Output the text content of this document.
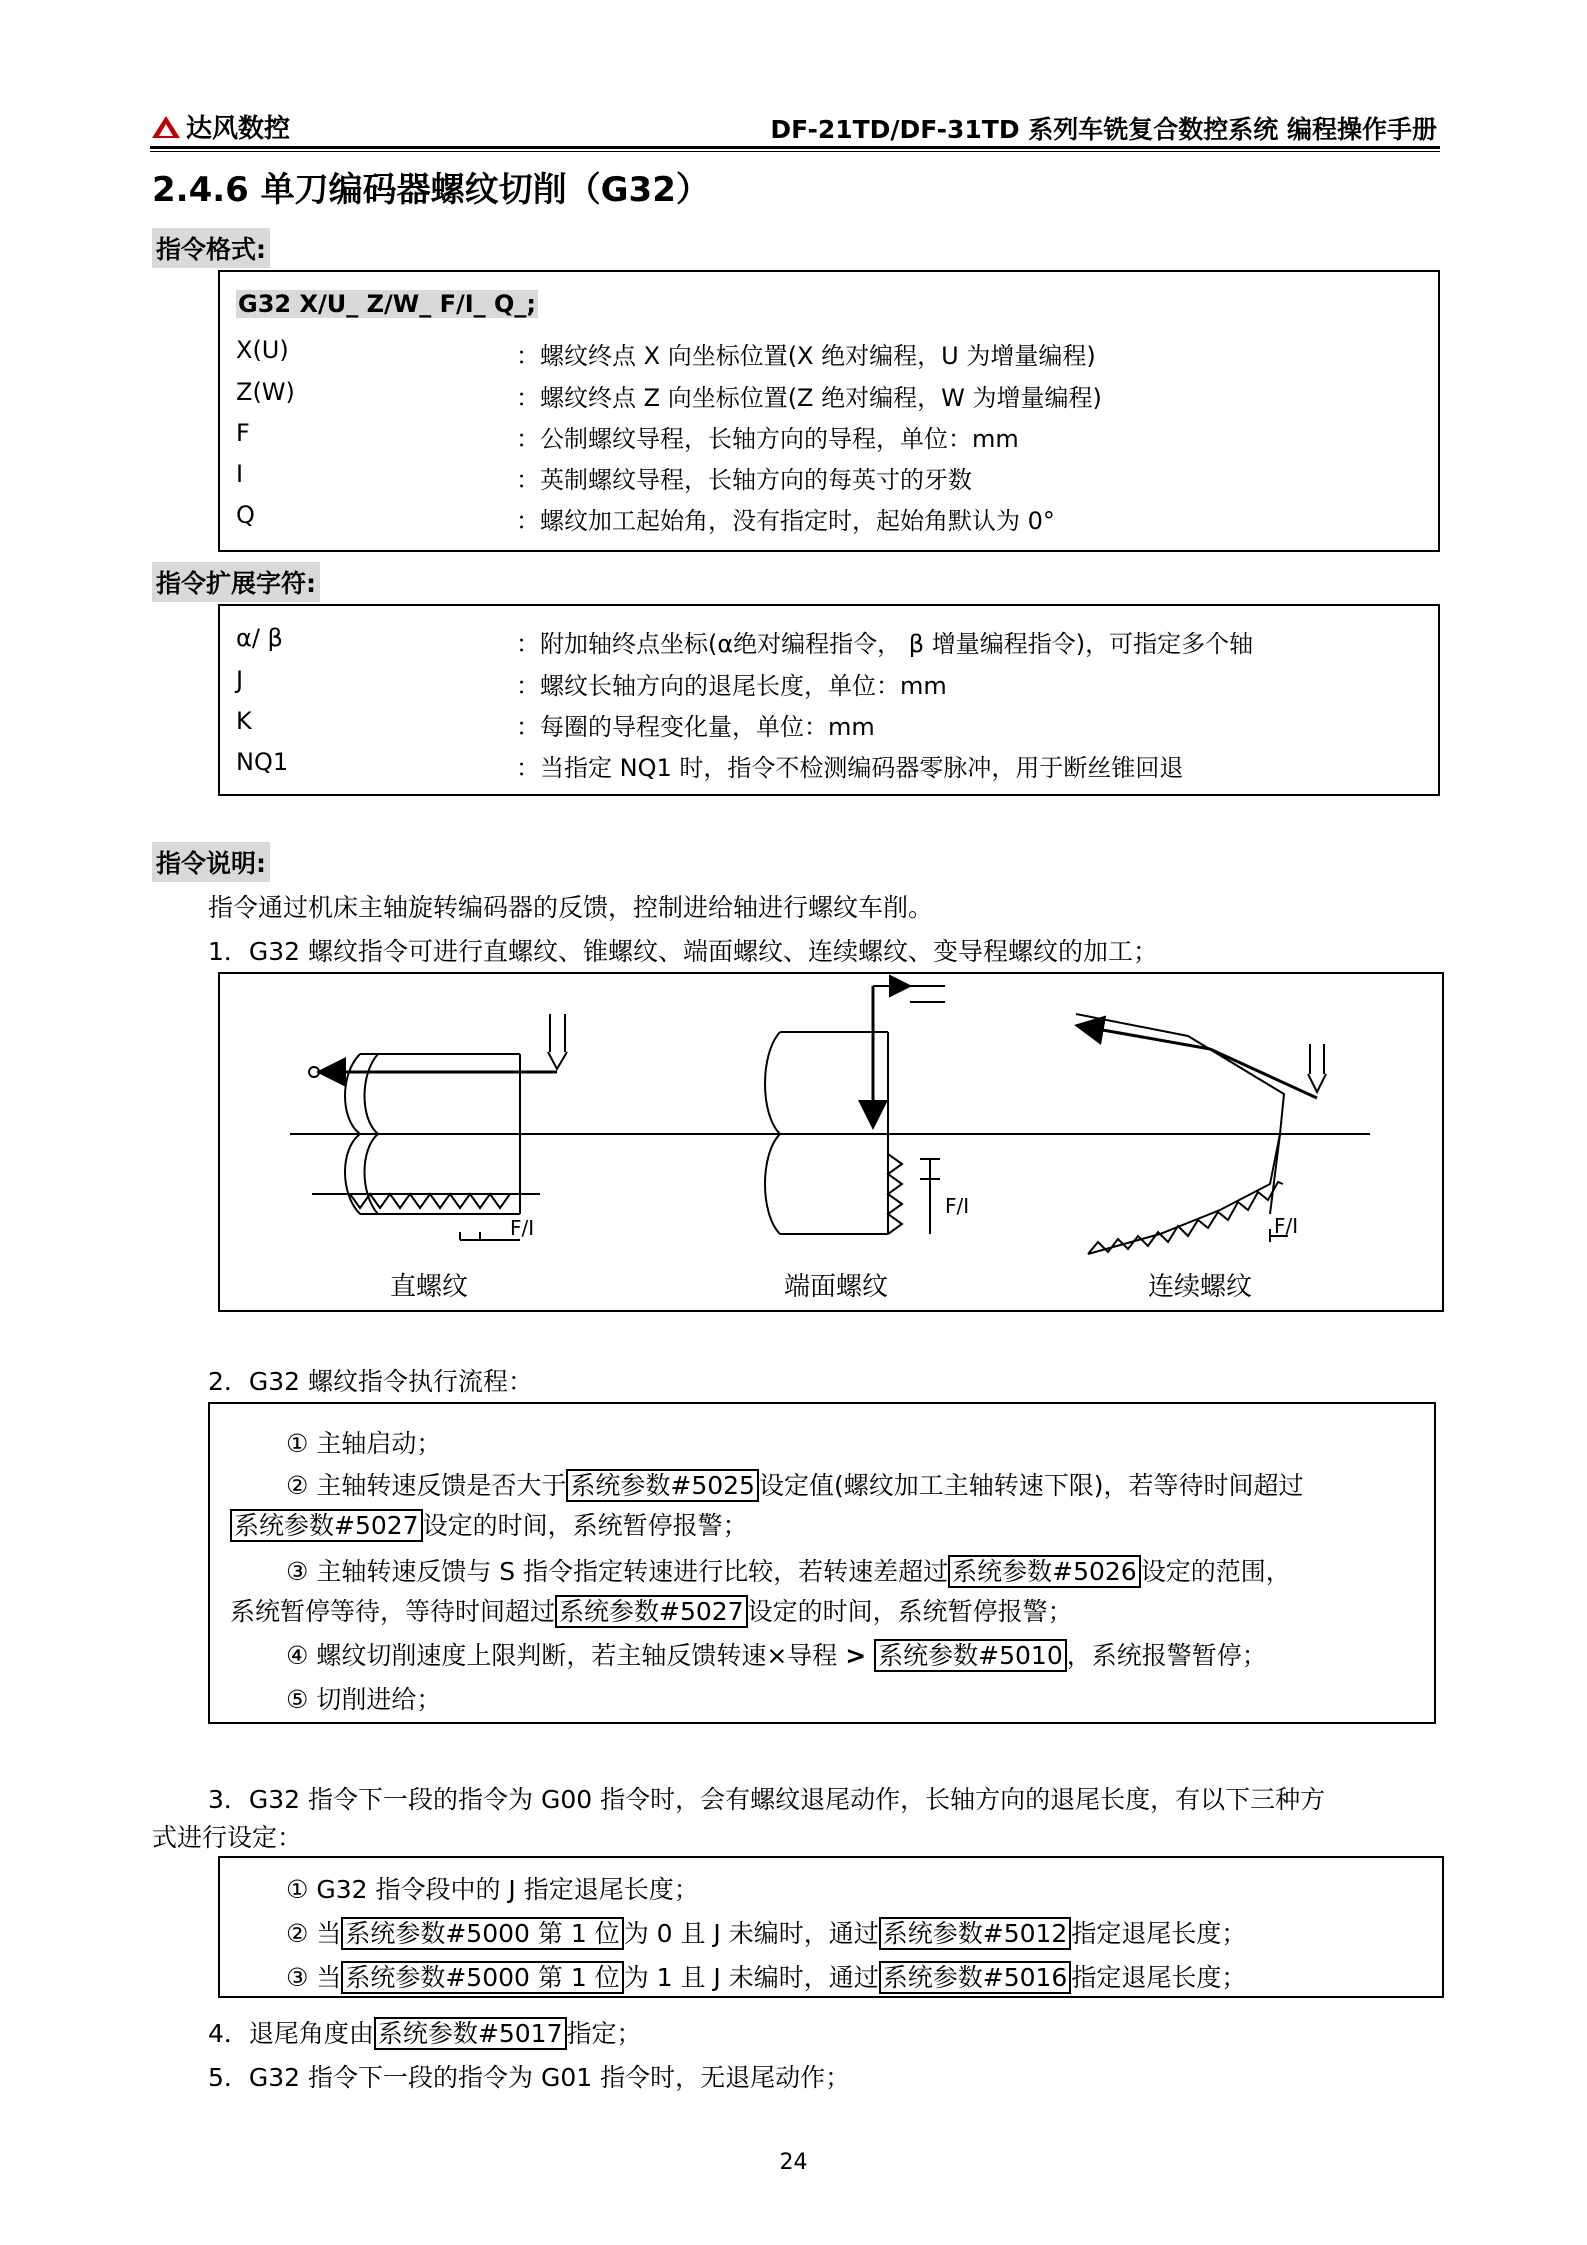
达风数控	DF-21TD/DF-31TD 系列车铣复合数控系统 编程操作手册
2.4.6 单刀编码器螺纹切削（G32）
指令格式:
G32 X/U_ Z/W_ F/I_ Q_;
X(U)	：螺纹终点 X 向坐标位置(X 绝对编程，U 为增量编程)
Z(W)	：螺纹终点 Z 向坐标位置(Z 绝对编程，W 为增量编程)
F	：公制螺纹导程，长轴方向的导程，单位：mm
I	：英制螺纹导程，长轴方向的每英寸的牙数
Q	：螺纹加工起始角，没有指定时，起始角默认为 0°
指令扩展字符:
α/ β	：附加轴终点坐标(α绝对编程指令， β 增量编程指令)，可指定多个轴
J	：螺纹长轴方向的退尾长度，单位：mm
K	：每圈的导程变化量，单位：mm
NQ1	：当指定 NQ1 时，指令不检测编码器零脉冲，用于断丝锥回退
指令说明:
指令通过机床主轴旋转编码器的反馈，控制进给轴进行螺纹车削。
1．G32 螺纹指令可进行直螺纹、锥螺纹、端面螺纹、连续螺纹、变导程螺纹的加工；
直螺纹	端面螺纹	连续螺纹
F/I
F/I
F/I
2．G32 螺纹指令执行流程：
① 主轴启动；
② 主轴转速反馈是否大于 系统参数#5025 设定值(螺纹加工主轴转速下限)，若等待时间超过
系统参数#5027 设定的时间，系统暂停报警；
③ 主轴转速反馈与 S 指令指定转速进行比较，若转速差超过 系统参数#5026 设定的范围，
系统暂停等待，等待时间超过 系统参数#5027 设定的时间，系统暂停报警；
④ 螺纹切削速度上限判断，若主轴反馈转速×导程 > 系统参数#5010 ，系统报警暂停；
⑤ 切削进给；
3．G32 指令下一段的指令为 G00 指令时，会有螺纹退尾动作，长轴方向的退尾长度，有以下三种方
式进行设定：
① G32 指令段中的 J 指定退尾长度；
② 当 系统参数#5000 第 1 位 为 0 且 J 未编时，通过 系统参数#5012 指定退尾长度；
③ 当 系统参数#5000 第 1 位 为 1 且 J 未编时，通过 系统参数#5016 指定退尾长度；
4．退尾角度由 系统参数#5017 指定；
5．G32 指令下一段的指令为 G01 指令时，无退尾动作；
24
